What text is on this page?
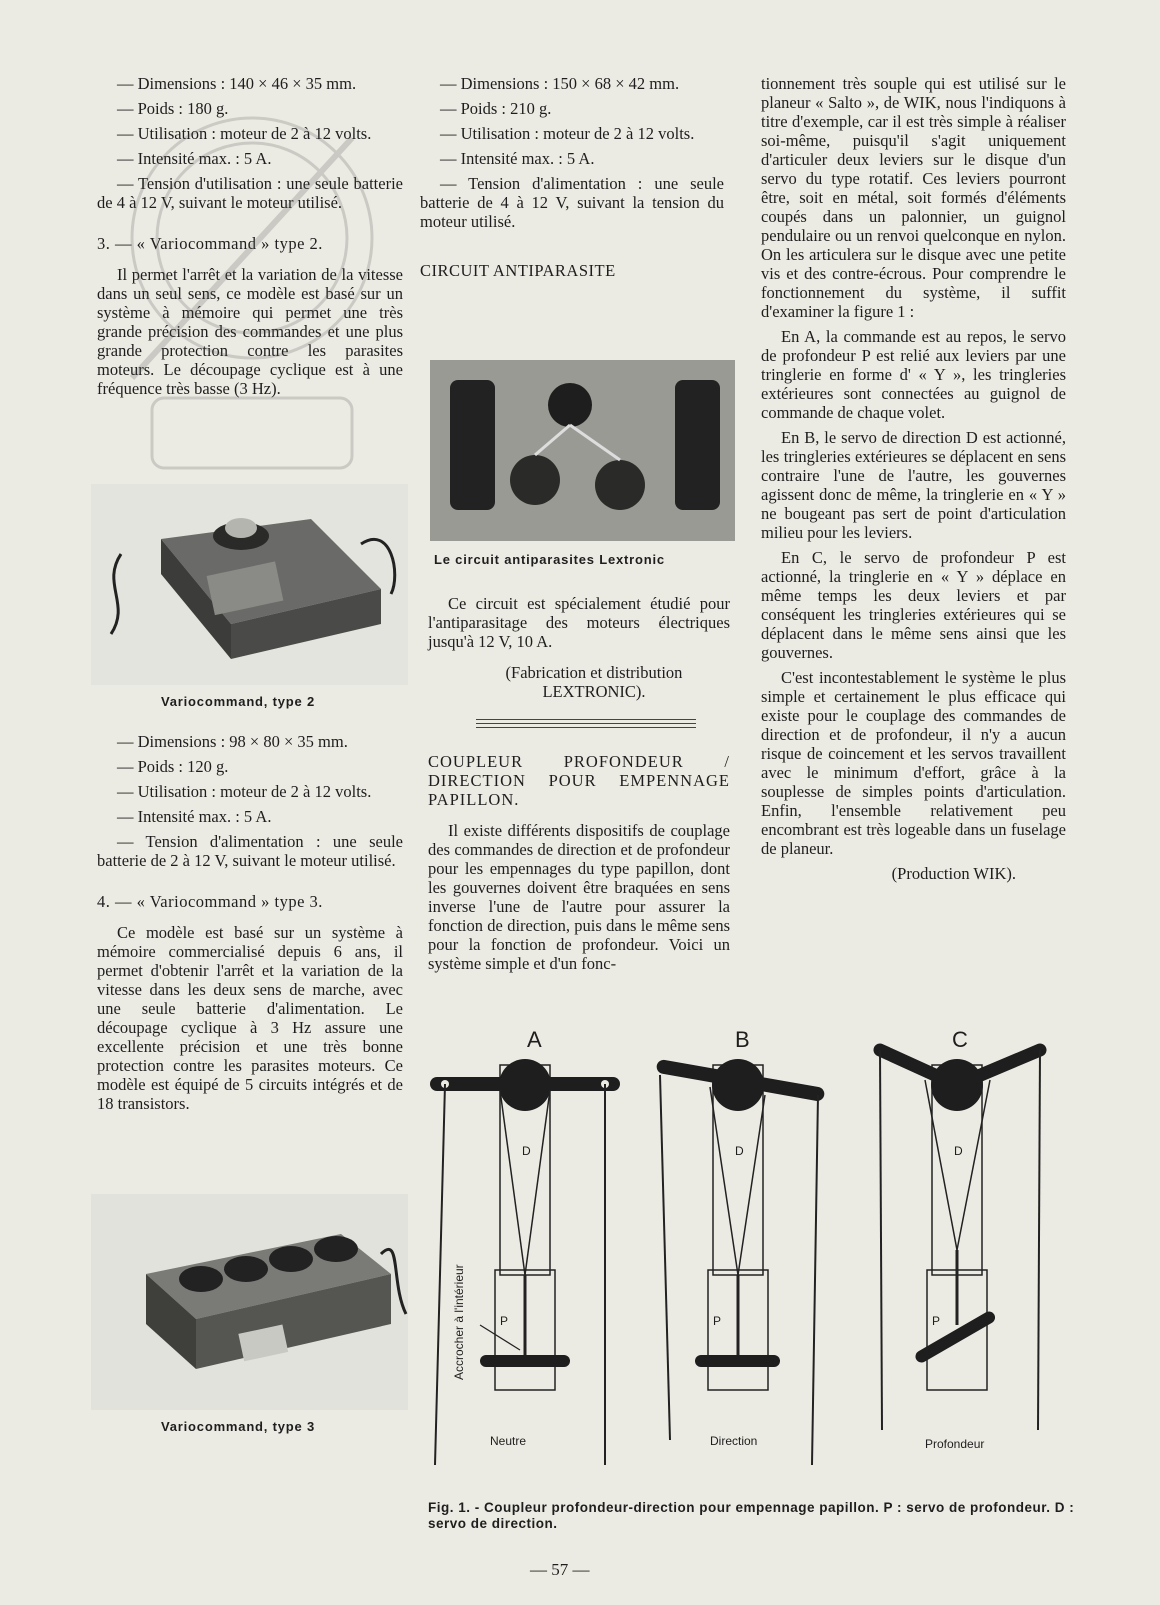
— Dimensions : 140 × 46 × 35 mm.

— Poids : 180 g.

— Utilisation : moteur de 2 à 12 volts.

— Intensité max. : 5 A.

— Tension d'utilisation : une seule batterie de 4 à 12 V, suivant le moteur utilisé.

3. — « Variocommand » type 2.

Il permet l'arrêt et la variation de la vitesse dans un seul sens, ce modèle est basé sur un système à mémoire qui permet une très grande précision des commandes et une plus grande protection contre les parasites moteurs. Le découpage cyclique est à une fréquence très basse (3 Hz).

Variocommand, type 2

— Dimensions : 98 × 80 × 35 mm.

— Poids : 120 g.

— Utilisation : moteur de 2 à 12 volts.

— Intensité max. : 5 A.

— Tension d'alimentation : une seule batterie de 2 à 12 V, suivant le moteur utilisé.

4. — « Variocommand » type 3.

Ce modèle est basé sur un système à mémoire commercialisé depuis 6 ans, il permet d'obtenir l'arrêt et la variation de la vitesse dans les deux sens de marche, avec une seule batterie d'alimentation. Le découpage cyclique à 3 Hz assure une excellente précision et une très bonne protection contre les parasites moteurs. Ce modèle est équipé de 5 circuits intégrés et de 18 transistors.

Variocommand, type 3

— Dimensions : 150 × 68 × 42 mm.

— Poids : 210 g.

— Utilisation : moteur de 2 à 12 volts.

— Intensité max. : 5 A.

— Tension d'alimentation : une seule batterie de 4 à 12 V, suivant la tension du moteur utilisé.

CIRCUIT ANTIPARASITE

Le circuit antiparasites Lextronic

Ce circuit est spécialement étudié pour l'antiparasitage des moteurs électriques jusqu'à 12 V, 10 A.

(Fabrication et distribution

LEXTRONIC).

COUPLEUR PROFONDEUR / DIRECTION POUR EMPENNAGE PAPILLON.

Il existe différents dispositifs de couplage des commandes de direction et de profondeur pour les empennages du type papillon, dont les gouvernes doivent être braquées en sens inverse l'une de l'autre pour assurer la fonction de direction, puis dans le même sens pour la fonction de profondeur. Voici un système simple et d'un fonc-

tionnement très souple qui est utilisé sur le planeur « Salto », de WIK, nous l'indiquons à titre d'exemple, car il est très simple à réaliser soi-même, puisqu'il s'agit uniquement d'articuler deux leviers sur le disque d'un servo du type rotatif. Ces leviers pourront être, soit en métal, soit formés d'éléments coupés dans un palonnier, un guignol pendulaire ou un renvoi quelconque en nylon. On les articulera sur le disque avec une petite vis et des contre-écrous. Pour comprendre le fonctionnement du système, il suffit d'examiner la figure 1 :

En A, la commande est au repos, le servo de profondeur P est relié aux leviers par une tringlerie en forme d' « Y », les tringleries extérieures sont connectées au guignol de commande de chaque volet.

En B, le servo de direction D est actionné, les tringleries extérieures se déplacent en sens contraire l'une de l'autre, les gouvernes agissent donc de même, la tringlerie en « Y » ne bougeant pas sert de point d'articulation milieu pour les leviers.

En C, le servo de profondeur P est actionné, la tringlerie en « Y » déplace en même temps les deux leviers et par conséquent les tringleries extérieures qui se déplacent dans le même sens ainsi que les gouvernes.

C'est incontestablement le système le plus simple et certainement le plus efficace qui existe pour le couplage des commandes de direction et de profondeur, il n'y a aucun risque de coincement et les servos travaillent avec le minimum d'effort, grâce à la souplesse de simples points d'articulation. Enfin, l'ensemble relativement peu encombrant est très logeable dans un fuselage de planeur.

(Production WIK).

A
D
P
Neutre
Accrocher à l'intérieur
B
D
P
Direction
C
D
P
Profondeur
Fig. 1. - Coupleur profondeur-direction pour empennage papillon. P : servo de profondeur. D : servo de direction.
— 57 —
